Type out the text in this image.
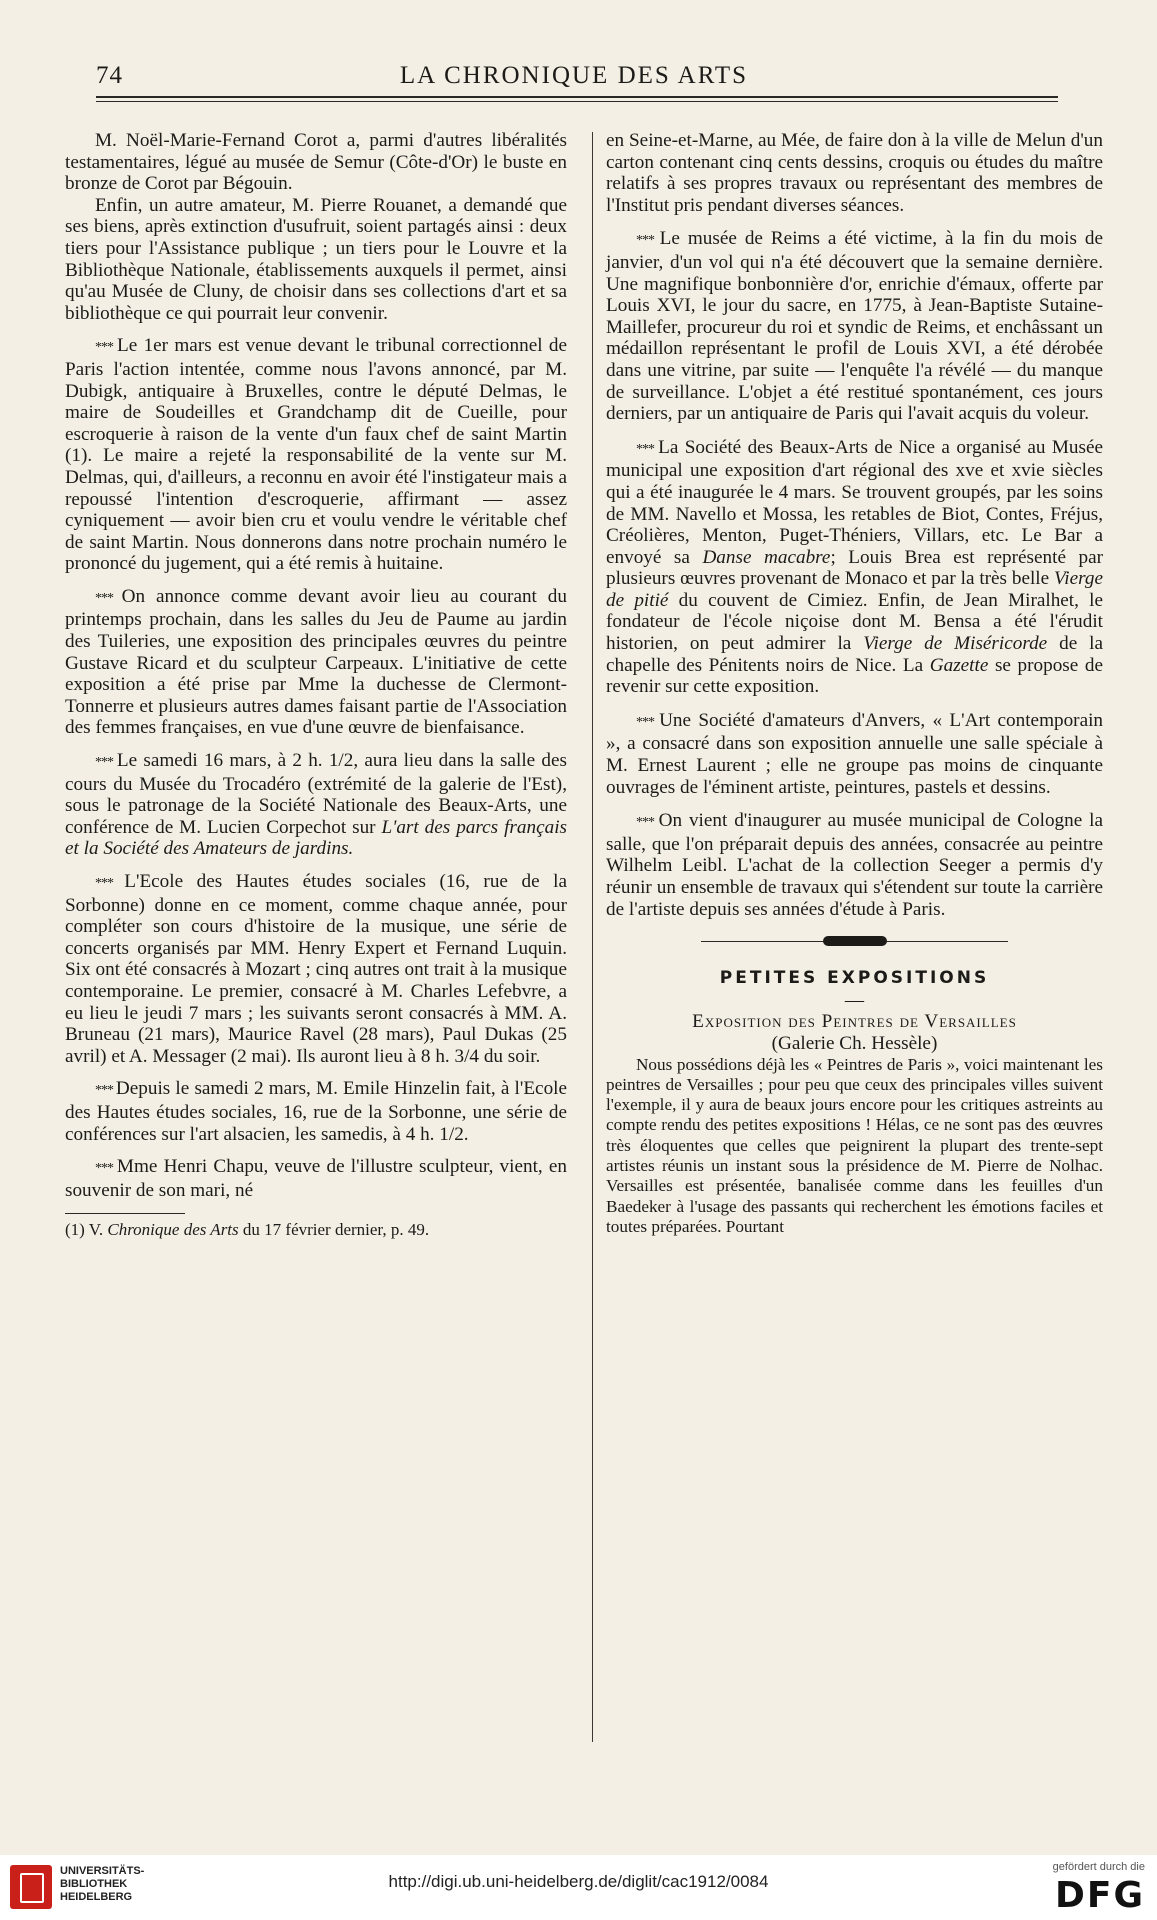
74	LA CHRONIQUE DES ARTS

M. Noël-Marie-Fernand Corot a, parmi d'autres libéralités testamentaires, légué au musée de Semur (Côte-d'Or) le buste en bronze de Corot par Bégouin.

Enfin, un autre amateur, M. Pierre Rouanet, a demandé que ses biens, après extinction d'usufruit, soient partagés ainsi : deux tiers pour l'Assistance publique ; un tiers pour le Louvre et la Bibliothèque Nationale, établissements auxquels il permet, ainsi qu'au Musée de Cluny, de choisir dans ses collections d'art et sa bibliothèque ce qui pourrait leur convenir.

*** Le 1er mars est venue devant le tribunal correctionnel de Paris l'action intentée, comme nous l'avons annoncé, par M. Dubigk, antiquaire à Bruxelles, contre le député Delmas, le maire de Soudeilles et Grandchamp dit de Cueille, pour escroquerie à raison de la vente d'un faux chef de saint Martin (1). Le maire a rejeté la responsabilité de la vente sur M. Delmas, qui, d'ailleurs, a reconnu en avoir été l'instigateur mais a repoussé l'intention d'escroquerie, affirmant — assez cyniquement — avoir bien cru et voulu vendre le véritable chef de saint Martin. Nous donnerons dans notre prochain numéro le prononcé du jugement, qui a été remis à huitaine.

*** On annonce comme devant avoir lieu au courant du printemps prochain, dans les salles du Jeu de Paume au jardin des Tuileries, une exposition des principales œuvres du peintre Gustave Ricard et du sculpteur Carpeaux. L'initiative de cette exposition a été prise par Mme la duchesse de Clermont-Tonnerre et plusieurs autres dames faisant partie de l'Association des femmes françaises, en vue d'une œuvre de bienfaisance.

*** Le samedi 16 mars, à 2 h. 1/2, aura lieu dans la salle des cours du Musée du Trocadéro (extrémité de la galerie de l'Est), sous le patronage de la Société Nationale des Beaux-Arts, une conférence de M. Lucien Corpechot sur L'art des parcs français et la Société des Amateurs de jardins.

*** L'Ecole des Hautes études sociales (16, rue de la Sorbonne) donne en ce moment, comme chaque année, pour compléter son cours d'histoire de la musique, une série de concerts organisés par MM. Henry Expert et Fernand Luquin. Six ont été consacrés à Mozart ; cinq autres ont trait à la musique contemporaine. Le premier, consacré à M. Charles Lefebvre, a eu lieu le jeudi 7 mars ; les suivants seront consacrés à MM. A. Bruneau (21 mars), Maurice Ravel (28 mars), Paul Dukas (25 avril) et A. Messager (2 mai). Ils auront lieu à 8 h. 3/4 du soir.

*** Depuis le samedi 2 mars, M. Emile Hinzelin fait, à l'Ecole des Hautes études sociales, 16, rue de la Sorbonne, une série de conférences sur l'art alsacien, les samedis, à 4 h. 1/2.

*** Mme Henri Chapu, veuve de l'illustre sculpteur, vient, en souvenir de son mari, né

(1) V. Chronique des Arts du 17 février dernier, p. 49.

en Seine-et-Marne, au Mée, de faire don à la ville de Melun d'un carton contenant cinq cents dessins, croquis ou études du maître relatifs à ses propres travaux ou représentant des membres de l'Institut pris pendant diverses séances.

*** Le musée de Reims a été victime, à la fin du mois de janvier, d'un vol qui n'a été découvert que la semaine dernière. Une magnifique bonbonnière d'or, enrichie d'émaux, offerte par Louis XVI, le jour du sacre, en 1775, à Jean-Baptiste Sutaine-Maillefer, procureur du roi et syndic de Reims, et enchâssant un médaillon représentant le profil de Louis XVI, a été dérobée dans une vitrine, par suite — l'enquête l'a révélé — du manque de surveillance. L'objet a été restitué spontanément, ces jours derniers, par un antiquaire de Paris qui l'avait acquis du voleur.

*** La Société des Beaux-Arts de Nice a organisé au Musée municipal une exposition d'art régional des xve et xvie siècles qui a été inaugurée le 4 mars. Se trouvent groupés, par les soins de MM. Navello et Mossa, les retables de Biot, Contes, Fréjus, Créolières, Menton, Puget-Théniers, Villars, etc. Le Bar a envoyé sa Danse macabre; Louis Brea est représenté par plusieurs œuvres provenant de Monaco et par la très belle Vierge de pitié du couvent de Cimiez. Enfin, de Jean Miralhet, le fondateur de l'école niçoise dont M. Bensa a été l'érudit historien, on peut admirer la Vierge de Miséricorde de la chapelle des Pénitents noirs de Nice. La Gazette se propose de revenir sur cette exposition.

*** Une Société d'amateurs d'Anvers, « L'Art contemporain », a consacré dans son exposition annuelle une salle spéciale à M. Ernest Laurent ; elle ne groupe pas moins de cinquante ouvrages de l'éminent artiste, peintures, pastels et dessins.

*** On vient d'inaugurer au musée municipal de Cologne la salle, que l'on préparait depuis des années, consacrée au peintre Wilhelm Leibl. L'achat de la collection Seeger a permis d'y réunir un ensemble de travaux qui s'étendent sur toute la carrière de l'artiste depuis ses années d'étude à Paris.

PETITES EXPOSITIONS

—

Exposition des Peintres de Versailles

(Galerie Ch. Hessèle)

Nous possédions déjà les « Peintres de Paris », voici maintenant les peintres de Versailles ; pour peu que ceux des principales villes suivent l'exemple, il y aura de beaux jours encore pour les critiques astreints au compte rendu des petites expositions ! Hélas, ce ne sont pas des œuvres très éloquentes que celles que peignirent la plupart des trente-sept artistes réunis un instant sous la présidence de M. Pierre de Nolhac. Versailles est présentée, banalisée comme dans les feuilles d'un Baedeker à l'usage des passants qui recherchent les émotions faciles et toutes préparées. Pourtant

UNIVERSITÄTS-
BIBLIOTHEK
HEIDELBERG
http://digi.ub.uni-heidelberg.de/diglit/cac1912/0084
gefördert durch die
DFG
